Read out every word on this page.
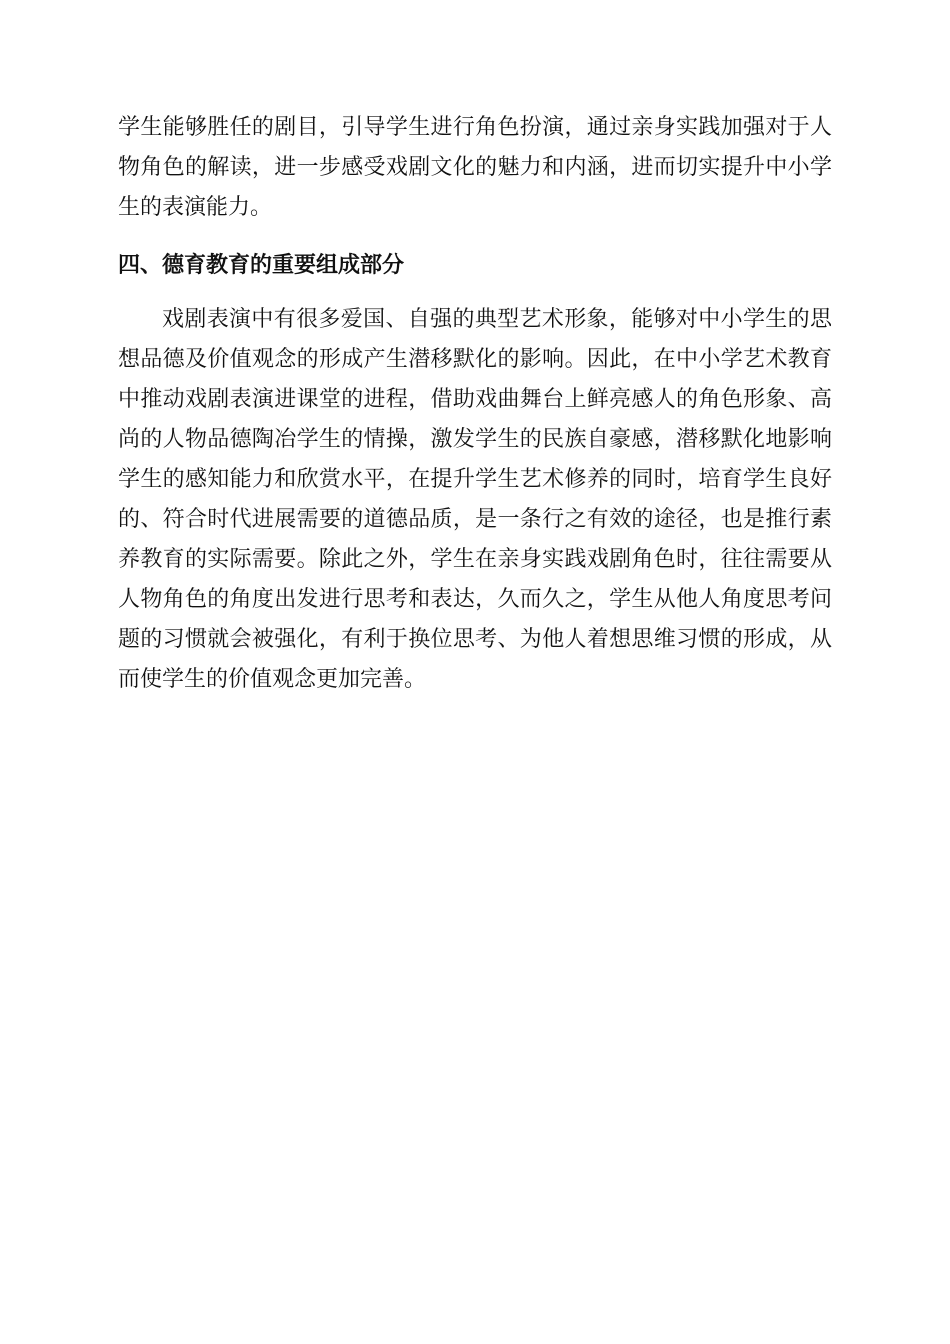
学生能够胜任的剧目，引导学生进行角色扮演，通过亲身实践加强对于人物角色的解读，进一步感受戏剧文化的魅力和内涵，进而切实提升中小学生的表演能力。

四、德育教育的重要组成部分

戏剧表演中有很多爱国、自强的典型艺术形象，能够对中小学生的思想品德及价值观念的形成产生潜移默化的影响。因此，在中小学艺术教育中推动戏剧表演进课堂的进程，借助戏曲舞台上鲜亮感人的角色形象、高尚的人物品德陶冶学生的情操，激发学生的民族自豪感，潜移默化地影响学生的感知能力和欣赏水平，在提升学生艺术修养的同时，培育学生良好的、符合时代进展需要的道德品质，是一条行之有效的途径，也是推行素养教育的实际需要。除此之外，学生在亲身实践戏剧角色时，往往需要从人物角色的角度出发进行思考和表达，久而久之，学生从他人角度思考问题的习惯就会被强化，有利于换位思考、为他人着想思维习惯的形成，从而使学生的价值观念更加完善。
